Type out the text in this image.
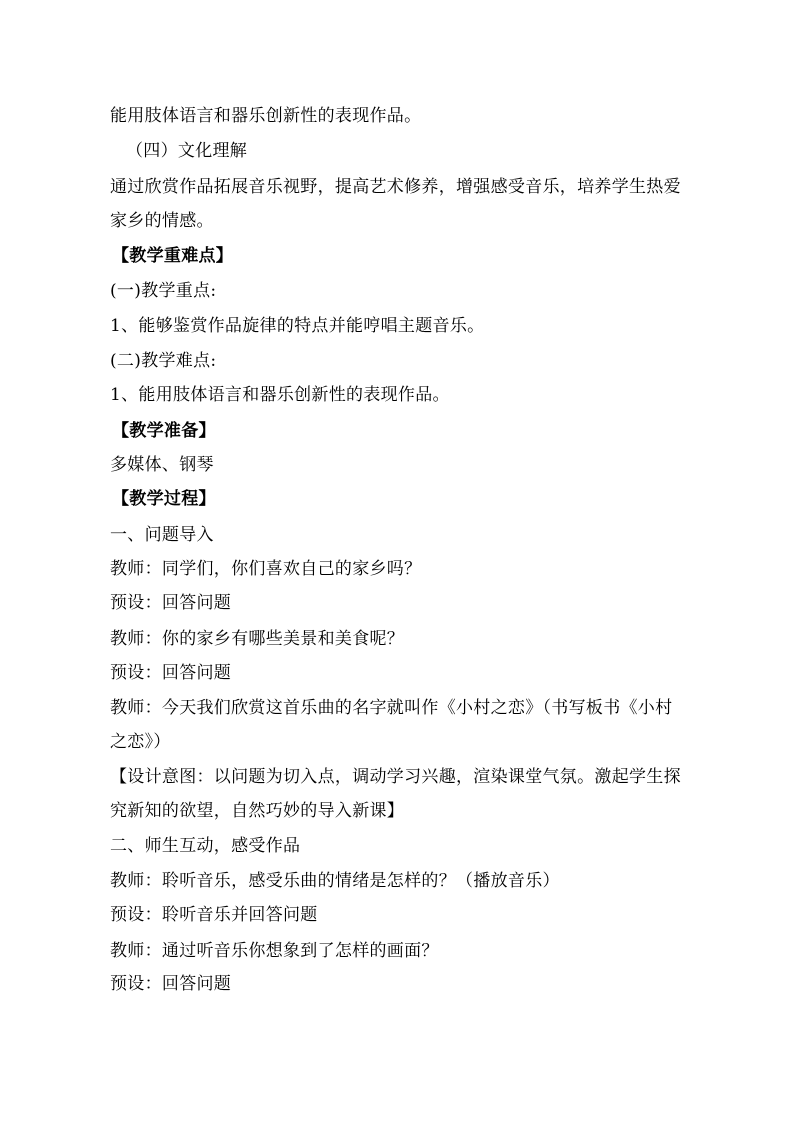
能用肢体语言和器乐创新性的表现作品。
（四）文化理解
通过欣赏作品拓展音乐视野，提高艺术修养，增强感受音乐，培养学生热爱
家乡的情感。
【教学重难点】
(一)教学重点:
1、能够鉴赏作品旋律的特点并能哼唱主题音乐。
(二)教学难点:
1、能用肢体语言和器乐创新性的表现作品。
【教学准备】
多媒体、钢琴
【教学过程】
一、问题导入
教师：同学们，你们喜欢自己的家乡吗？
预设：回答问题
教师：你的家乡有哪些美景和美食呢？
预设：回答问题
教师：今天我们欣赏这首乐曲的名字就叫作《小村之恋》（书写板书《小村
之恋》）
【设计意图：以问题为切入点，调动学习兴趣，渲染课堂气氛。激起学生探
究新知的欲望，自然巧妙的导入新课】
二、师生互动，感受作品
教师：聆听音乐，感受乐曲的情绪是怎样的？（播放音乐）
预设：聆听音乐并回答问题
教师：通过听音乐你想象到了怎样的画面？
预设：回答问题
